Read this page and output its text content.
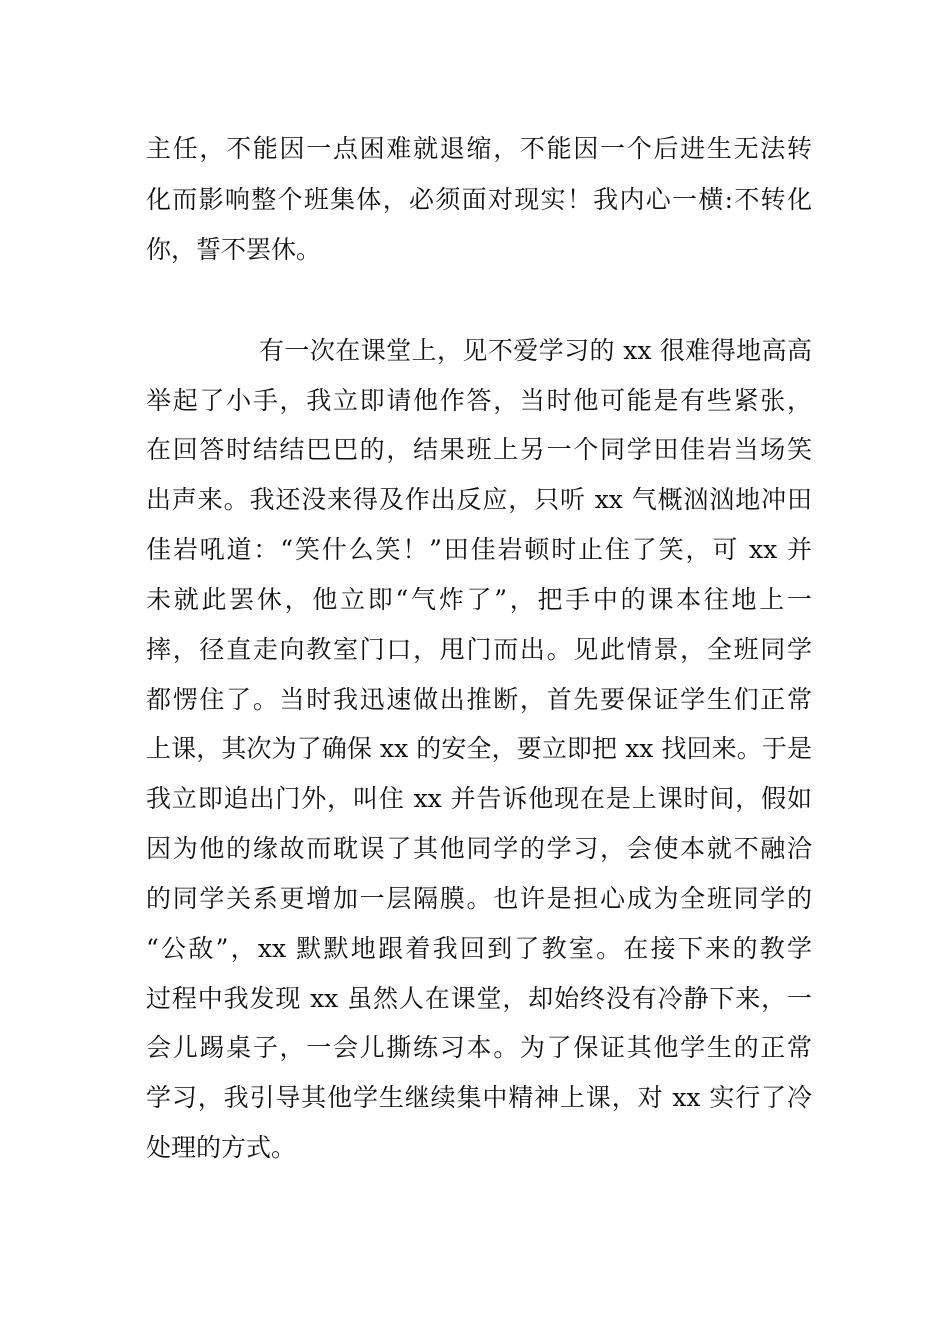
主任，不能因一点困难就退缩，不能因一个后进生无法转
化而影响整个班集体，必须面对现实！我内心一横:不转化
你，誓不罢休。
有一次在课堂上，见不爱学习的 xx 很难得地高高
举起了小手，我立即请他作答，当时他可能是有些紧张，
在回答时结结巴巴的，结果班上另一个同学田佳岩当场笑
出声来。我还没来得及作出反应，只听 xx 气概汹汹地冲田
佳岩吼道：“笑什么笑！”田佳岩顿时止住了笑，可 xx 并
未就此罢休，他立即“气炸了”，把手中的课本往地上一
摔，径直走向教室门口，甩门而出。见此情景，全班同学
都愣住了。当时我迅速做出推断，首先要保证学生们正常
上课，其次为了确保 xx 的安全，要立即把 xx 找回来。于是
我立即追出门外，叫住 xx 并告诉他现在是上课时间，假如
因为他的缘故而耽误了其他同学的学习，会使本就不融洽
的同学关系更增加一层隔膜。也许是担心成为全班同学的
“公敌”，xx 默默地跟着我回到了教室。在接下来的教学
过程中我发现 xx 虽然人在课堂，却始终没有冷静下来，一
会儿踢桌子，一会儿撕练习本。为了保证其他学生的正常
学习，我引导其他学生继续集中精神上课，对 xx 实行了冷
处理的方式。
